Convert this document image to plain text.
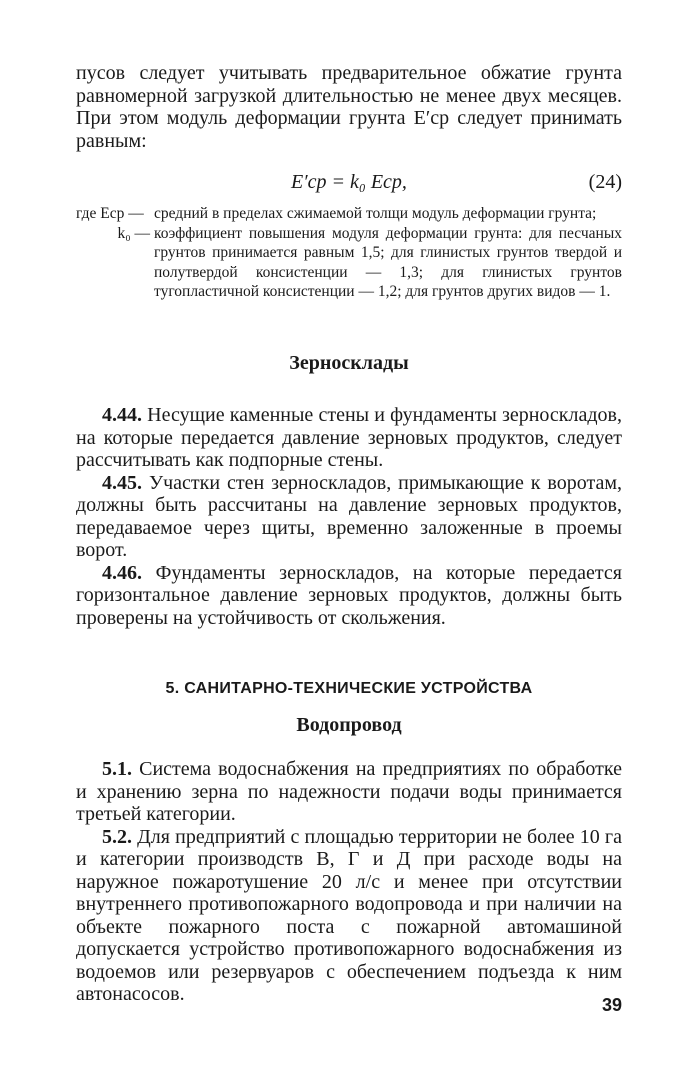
пусов следует учитывать предварительное обжатие грунта равномерной загрузкой длительностью не менее двух месяцев. При этом модуль деформации грунта E′ср следует принимать равным:

E′ср = k₀ Eср,	(24)
где Eср — средний в пределах сжимаемой толщи модуль деформации грунта;
k₀ — коэффициент повышения модуля деформации грунта: для песчаных грунтов принимается равным 1,5; для глинистых грунтов твердой и полутвердой консистенции — 1,3; для глинистых грунтов тугопластичной консистенции — 1,2; для грунтов других видов — 1.
Зерносклады

4.44. Несущие каменные стены и фундаменты зерноскладов, на которые передается давление зерновых продуктов, следует рассчитывать как подпорные стены.

4.45. Участки стен зерноскладов, примыкающие к воротам, должны быть рассчитаны на давление зерновых продуктов, передаваемое через щиты, временно заложенные в проемы ворот.

4.46. Фундаменты зерноскладов, на которые передается горизонтальное давление зерновых продуктов, должны быть проверены на устойчивость от скольжения.

5. САНИТАРНО-ТЕХНИЧЕСКИЕ УСТРОЙСТВА
Водопровод

5.1. Система водоснабжения на предприятиях по обработке и хранению зерна по надежности подачи воды принимается третьей категории.

5.2. Для предприятий с площадью территории не более 10 га и категории производств В, Г и Д при расходе воды на наружное пожаротушение 20 л/с и менее при отсутствии внутреннего противопожарного водопровода и при наличии на объекте пожарного поста с пожарной автомашиной допускается устройство противопожарного водоснабжения из водоемов или резервуаров с обеспечением подъезда к ним автонасосов.	39
